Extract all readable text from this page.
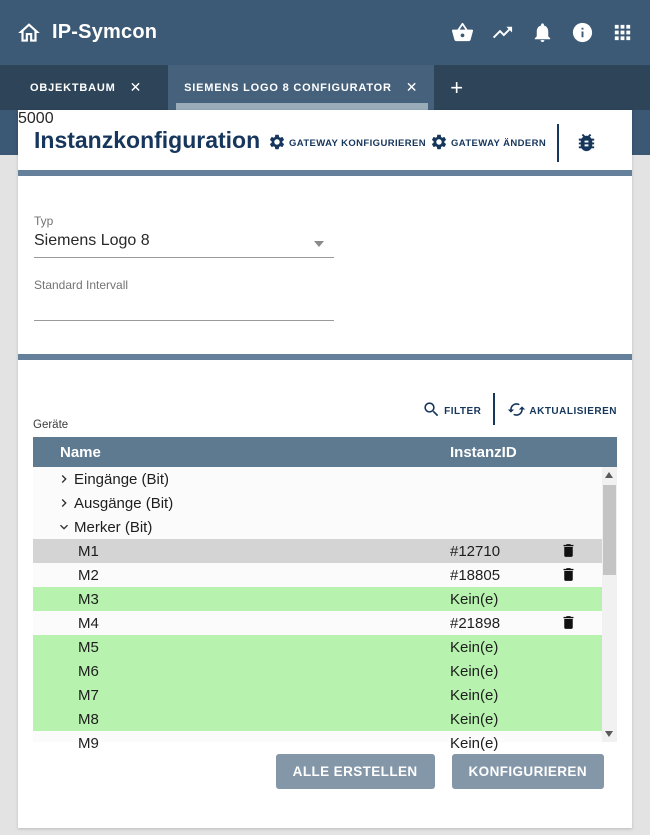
IP-Symcon
OBJEKTBAUM ✕	SIEMENS LOGO 8 CONFIGURATOR ✕ +
Instanzkonfiguration	GATEWAY KONFIGURIEREN	GATEWAY ÄNDERN
Typ
Siemens Logo 8
Standard Intervall
5000
FILTER	AKTUALISIEREN
Geräte
Name	InstanzID
Eingänge (Bit)
Ausgänge (Bit)
Merker (Bit)
M1	#12710
M2	#18805
M3	Kein(e)
M4	#21898
M5	Kein(e)
M6	Kein(e)
M7	Kein(e)
M8	Kein(e)
M9	Kein(e)
ALLE ERSTELLEN	KONFIGURIEREN
